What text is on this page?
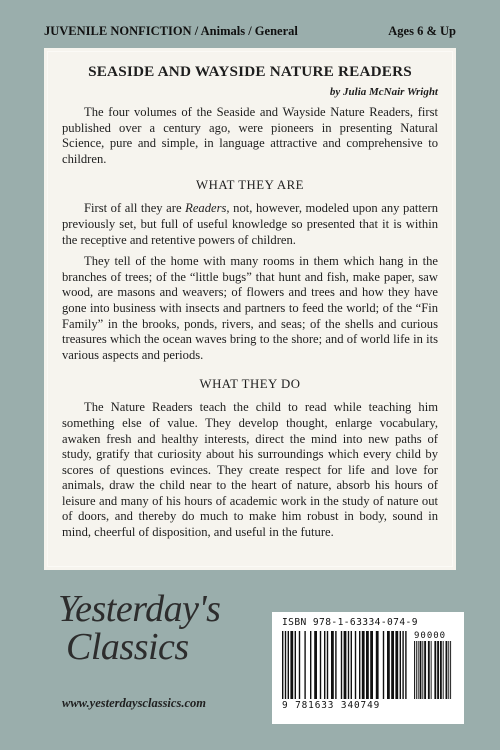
JUVENILE NONFICTION / Animals / General	Ages 6 & Up
SEASIDE AND WAYSIDE NATURE READERS
by Julia McNair Wright

The four volumes of the Seaside and Wayside Nature Readers, first published over a century ago, were pioneers in presenting Natural Science, pure and simple, in language attractive and comprehensive to children.

WHAT THEY ARE

First of all they are Readers, not, however, modeled upon any pattern previously set, but full of useful knowledge so presented that it is within the receptive and retentive powers of children.

They tell of the home with many rooms in them which hang in the branches of trees; of the “little bugs” that hunt and fish, make paper, saw wood, are masons and weavers; of flowers and trees and how they have gone into business with insects and partners to feed the world; of the “Fin Family” in the brooks, ponds, rivers, and seas; of the shells and curious treasures which the ocean waves bring to the shore; and of world life in its various aspects and periods.

WHAT THEY DO

The Nature Readers teach the child to read while teaching him something else of value. They develop thought, enlarge vocabulary, awaken fresh and healthy interests, direct the mind into new paths of study, gratify that curiosity about his surroundings which every child by scores of questions evinces. They create respect for life and love for animals, draw the child near to the heart of nature, absorb his hours of leisure and many of his hours of academic work in the study of nature out of doors, and thereby do much to make him robust in body, sound in mind, cheerful of disposition, and useful in the future.

Yesterday's
Classics
www.yesterdaysclassics.com
ISBN 978-1-63334-074-9
90000
9 781633 340749
